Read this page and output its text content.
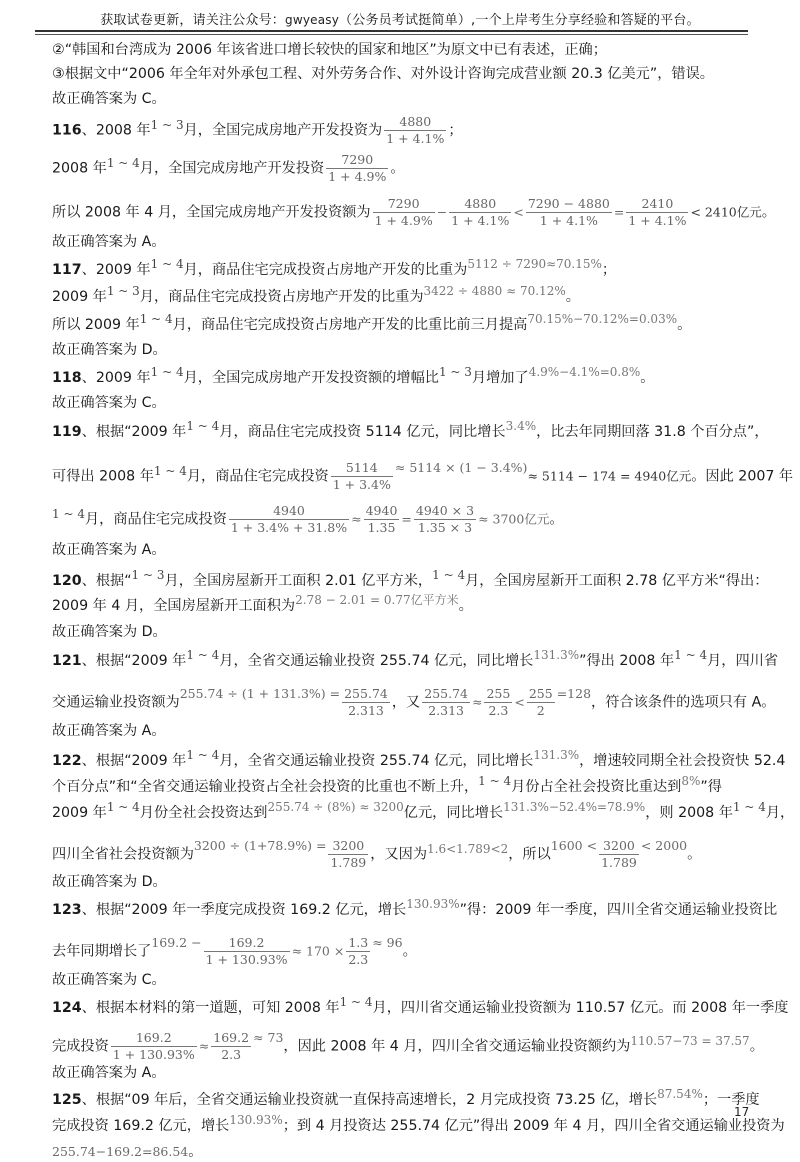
获取试卷更新，请关注公众号：gwyeasy（公务员考试挺简单）,一个上岸考生分享经验和答疑的平台。
②“韩国和台湾成为 2006 年该省进口增长较快的国家和地区”为原文中已有表述，正确；
③根据文中“2006 年全年对外承包工程、对外劳务合作、对外设计咨询完成营业额 20.3 亿美元”，错误。
故正确答案为 C。
116、2008 年$^{1 \sim 3}$月，全国完成房地产开发投资为 $\frac{4880}{1 + 4.1\%}$ ；
2008 年$^{1 \sim 4}$月，全国完成房地产开发投资 $\frac{7290}{1 + 4.9\%}$ 。
所以 2008 年 4 月，全国完成房地产开发投资额为 $\frac{7290}{1 + 4.9\%} - \frac{4880}{1 + 4.1\%} < \frac{7290 - 4880}{1 + 4.1\%} = \frac{2410}{1 + 4.1\%} < 2410$亿元。
故正确答案为 A。
117、2009 年$^{1 \sim 4}$月，商品住宅完成投资占房地产开发的比重为$^{5112 \div 7290\approx 70.15\%}$；
2009 年$^{1 \sim 3}$月，商品住宅完成投资占房地产开发的比重为$^{3422 \div 4880 \approx 70.12\%}$。
所以 2009 年$^{1 \sim 4}$月，商品住宅完成投资占房地产开发的比重比前三月提高$^{70.15\%-70.12\%=0.03\%}$。
故正确答案为 D。
118、2009 年$^{1 \sim 4}$月，全国完成房地产开发投资额的增幅比$^{1 \sim 3}$月增加了$^{4.9\%-4.1\%=0.8\%}$。
故正确答案为 C。
119、根据“2009 年$^{1 \sim 4}$月，商品住宅完成投资 5114 亿元，同比增长$^{3.4\%}$，比去年同期回落 31.8 个百分点”，
可得出 2008 年$^{1 \sim 4}$月，商品住宅完成投资 $\frac{5114}{1 + 3.4\%} \approx 5114 \times (1 - 3.4\%)\approx 5114 - 174 = 4940$亿元。因此 2007 年
$^{1 \sim 4}$月，商品住宅完成投资 $\frac{4940}{1 + 3.4\% + 31.8\%} \approx \frac{4940}{1.35} = \frac{4940 \times 3}{1.35 \times 3} \approx 3700$亿元。
故正确答案为 A。
120、根据“$^{1 \sim 3}$月，全国房屋新开工面积 2.01 亿平方米，$^{1 \sim 4}$月，全国房屋新开工面积 2.78 亿平方米“得出：
2009 年 4 月，全国房屋新开工面积为$^{2.78 - 2.01 = 0.77亿平方米}$。
故正确答案为 D。
121、根据“2009 年$^{1 \sim 4}$月，全省交通运输业投资 255.74 亿元，同比增长$^{131.3\%}$”得出 2008 年$^{1 \sim 4}$月，四川省
交通运输业投资额为$255.74 \div (1 + 131.3\%) = \frac{255.74}{2.313}$ ，又 $\frac{255.74}{2.313} \approx \frac{255}{2.3} < \frac{255}{2} =128$，符合该条件的选项只有 A。
故正确答案为 A。
122、根据“2009 年$^{1 \sim 4}$月，全省交通运输业投资 255.74 亿元，同比增长$^{131.3\%}$，增速较同期全社会投资快 52.4
个百分点”和“全省交通运输业投资占全社会投资的比重也不断上升，$^{1 \sim 4}$月份占全社会投资比重达到$^{8\%}$”得
2009 年$^{1 \sim 4}$月份全社会投资达到$^{255.74 \div (8\%) \approx 3200}$亿元，同比增长$^{131.3\%-52.4\%=78.9\%}$，则 2008 年$^{1 \sim 4}$月，
四川全省社会投资额为$3200 \div (1+78.9\%) = \frac{3200}{1.789}$ ，又因为$^{1.6<1.789<2}$，所以$1600 < \frac{3200}{1.789} < 2000$。
故正确答案为 D。
123、根据“2009 年一季度完成投资 169.2 亿元，增长$^{130.93\%}$”得：2009 年一季度，四川全省交通运输业投资比
去年同期增长了$169.2 - \frac{169.2}{1 + 130.93\%} \approx 170 \times \frac{1.3}{2.3} \approx 96$。
故正确答案为 C。
124、根据本材料的第一道题，可知 2008 年$^{1 \sim 4}$月，四川省交通运输业投资额为 110.57 亿元。而 2008 年一季度
完成投资 $\frac{169.2}{1 + 130.93\%} \approx \frac{169.2}{2.3} \approx 73$，因此 2008 年 4 月，四川全省交通运输业投资额约为$^{110.57-73 = 37.57}$。
故正确答案为 A。
125、根据“09 年后，全省交通运输业投资就一直保持高速增长，2 月完成投资 73.25 亿，增长$^{87.54\%}$；一季度
完成投资 169.2 亿元，增长$^{130.93\%}$；到 4 月投资达 255.74 亿元”得出 2009 年 4 月，四川全省交通运输业投资为
255.74−169.2=86.54。
17
